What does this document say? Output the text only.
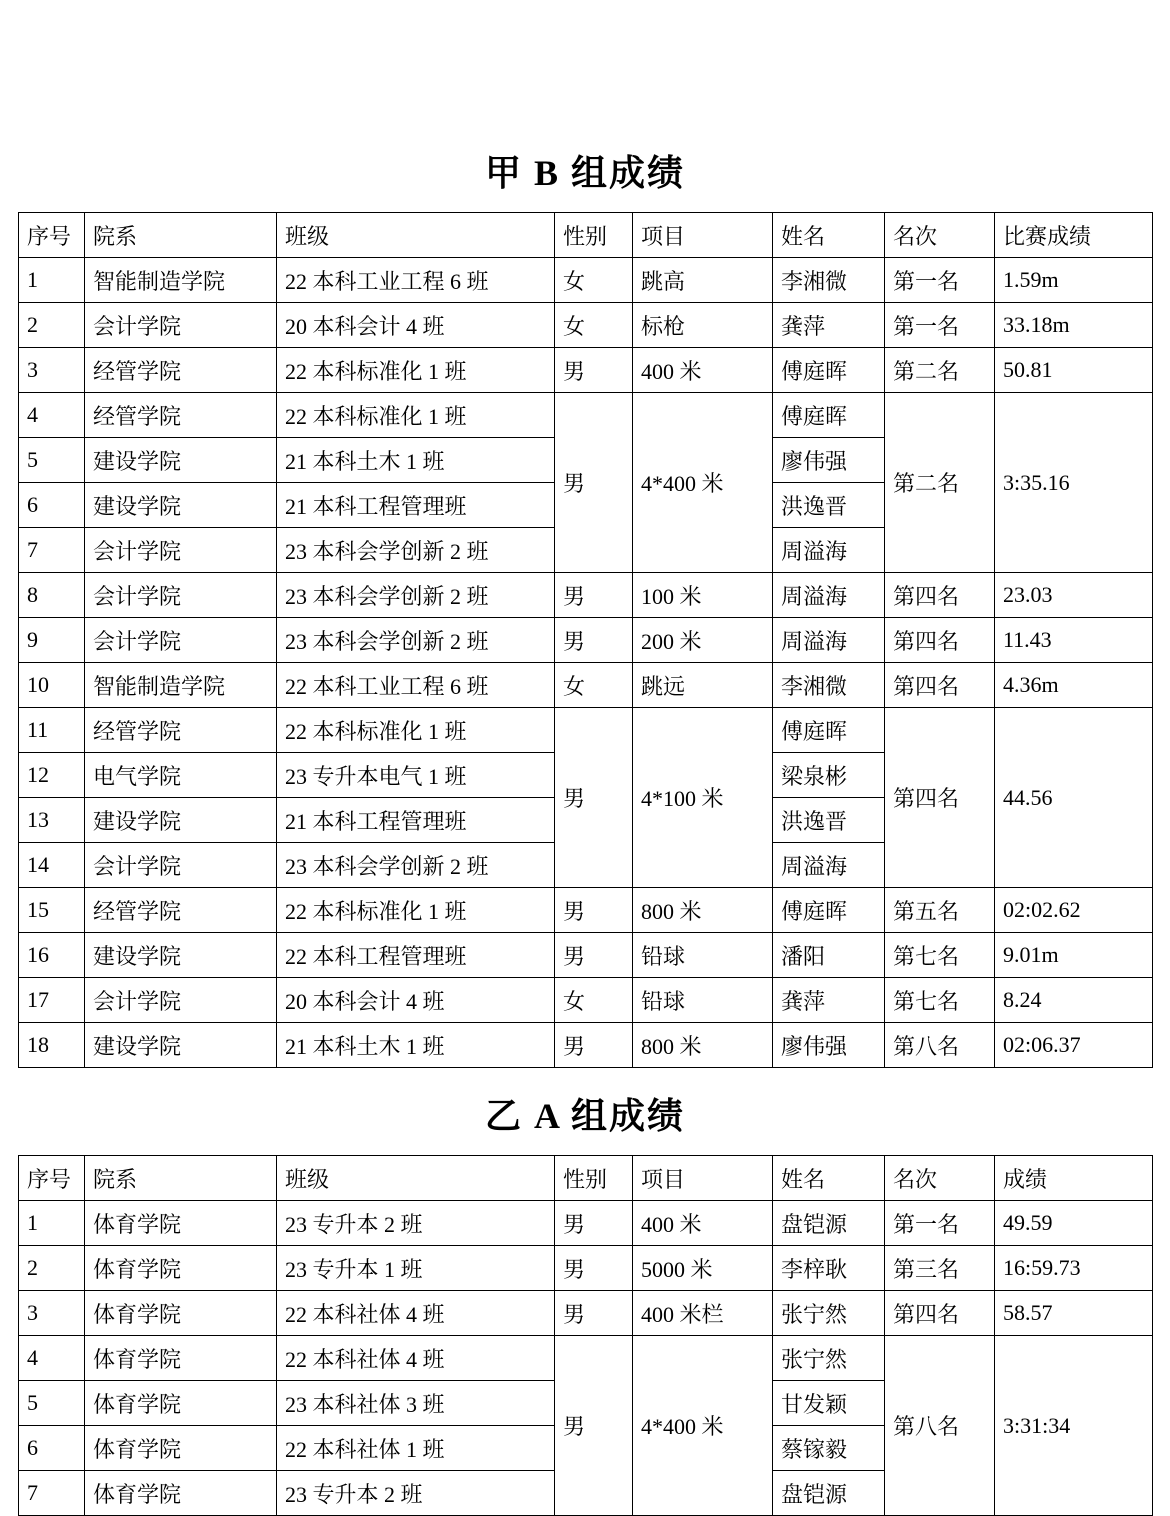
甲 B 组成绩
序号	院系	班级	性别	项目	姓名	名次	比赛成绩
1	智能制造学院	22 本科工业工程 6 班	女	跳高	李湘微	第一名	1.59m
2	会计学院	20 本科会计 4 班	女	标枪	龚萍	第一名	33.18m
3	经管学院	22 本科标准化 1 班	男	400 米	傅庭晖	第二名	50.81
4	经管学院	22 本科标准化 1 班	男	4*400 米	傅庭晖	第二名	3:35.16
5	建设学院	21 本科土木 1 班			廖伟强		
6	建设学院	21 本科工程管理班			洪逸晋		
7	会计学院	23 本科会学创新 2 班			周溢海		
8	会计学院	23 本科会学创新 2 班	男	100 米	周溢海	第四名	23.03
9	会计学院	23 本科会学创新 2 班	男	200 米	周溢海	第四名	11.43
10	智能制造学院	22 本科工业工程 6 班	女	跳远	李湘微	第四名	4.36m
11	经管学院	22 本科标准化 1 班	男	4*100 米	傅庭晖	第四名	44.56
12	电气学院	23 专升本电气 1 班			梁泉彬		
13	建设学院	21 本科工程管理班			洪逸晋		
14	会计学院	23 本科会学创新 2 班			周溢海		
15	经管学院	22 本科标准化 1 班	男	800 米	傅庭晖	第五名	02:02.62
16	建设学院	22 本科工程管理班	男	铅球	潘阳	第七名	9.01m
17	会计学院	20 本科会计 4 班	女	铅球	龚萍	第七名	8.24
18	建设学院	21 本科土木 1 班	男	800 米	廖伟强	第八名	02:06.37
乙 A 组成绩
序号	院系	班级	性别	项目	姓名	名次	成绩
1	体育学院	23 专升本 2 班	男	400 米	盘铠源	第一名	49.59
2	体育学院	23 专升本 1 班	男	5000 米	李梓耿	第三名	16:59.73
3	体育学院	22 本科社体 4 班	男	400 米栏	张宁然	第四名	58.57
4	体育学院	22 本科社体 4 班	男	4*400 米	张宁然	第八名	3:31:34
5	体育学院	23 本科社体 3 班			甘发颖		
6	体育学院	22 本科社体 1 班			蔡镓毅		
7	体育学院	23 专升本 2 班			盘铠源		
